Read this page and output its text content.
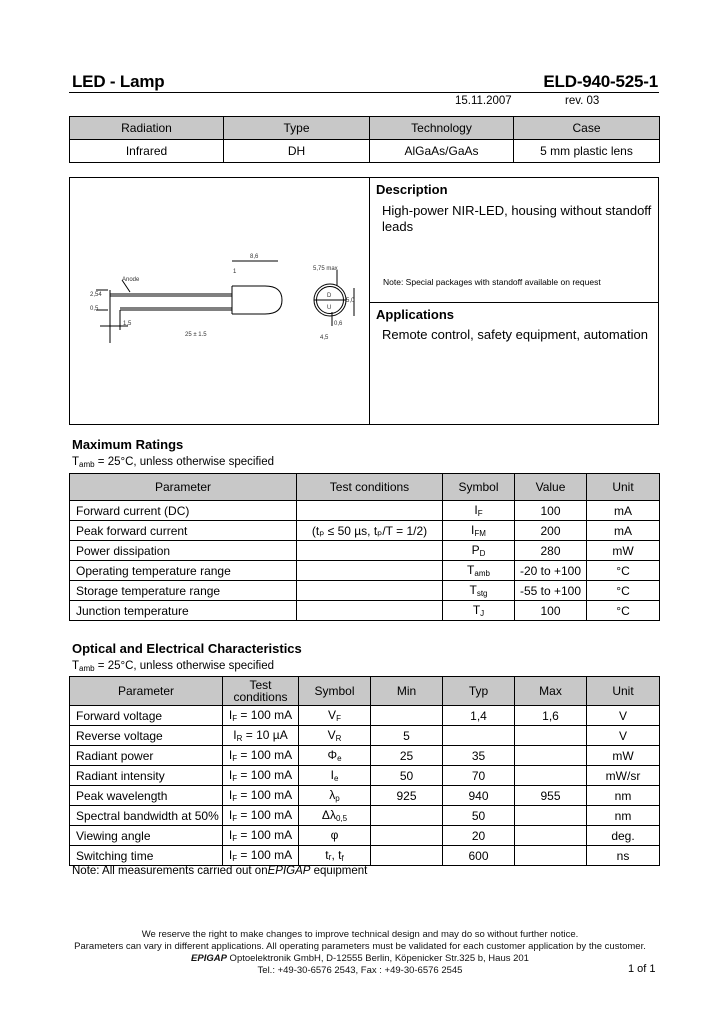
LED - Lamp	ELD-940-525-1
15.11.2007	rev. 03
Radiation	Type	Technology	Case
Infrared	DH	AlGaAs/GaAs	5 mm plastic lens
8,6
1
Anode
2,54
0,5
1,5
25 ± 1.5
5,75 max
D
U
0,6
4,5
5,0
Description
High-power NIR-LED, housing without standoff leads
Note: Special packages with standoff available on request
Applications
Remote control, safety equipment, automation
Maximum Ratings
$T_{amb} = 25^\circ C$, unless otherwise specified
Parameter	Test conditions	Symbol	Value	Unit
Forward current (DC)		$I_F$	100	mA
Peak forward current	(tₚ ≤ 50 µs, tₚ/T = 1/2)	$I_{FM}$	200	mA
Power dissipation		$P_D$	280	mW
Operating temperature range		$T_{amb}$	-20 to +100	°C
Storage temperature range		$T_{stg}$	-55 to +100	°C
Junction temperature		$T_J$	100	°C
Optical and Electrical Characteristics
$T_{amb} = 25^\circ C$, unless otherwise specified
Parameter	Test conditions	Symbol	Min	Typ	Max	Unit
Forward voltage	$I_F = 100$ mA	$V_F$		1,4	1,6	V
Reverse voltage	$I_R = 10$ µA	$V_R$	5			V
Radiant power	$I_F = 100$ mA	$\Phi_e$	25	35		mW
Radiant intensity	$I_F = 100$ mA	$I_e$	50	70		mW/sr
Peak wavelength	$I_F = 100$ mA	$\lambda_p$	925	940	955	nm
Spectral bandwidth at 50%	$I_F = 100$ mA	$\Delta\lambda_{0,5}$		50		nm
Viewing angle	$I_F = 100$ mA	φ		20		deg.
Switching time	$I_F = 100$ mA	tᵣ, $t_f$		600		ns
Note: All measurements carried out onEPIGAP equipment
We reserve the right to make changes to improve technical design and may do so without further notice.
Parameters can vary in different applications. All operating parameters must be validated for each customer application by the customer.
EPIGAP Optoelektronik GmbH, D-12555 Berlin, Köpenicker Str.325 b, Haus 201
Tel.: +49-30-6576 2543, Fax : +49-30-6576 2545	1 of 1
